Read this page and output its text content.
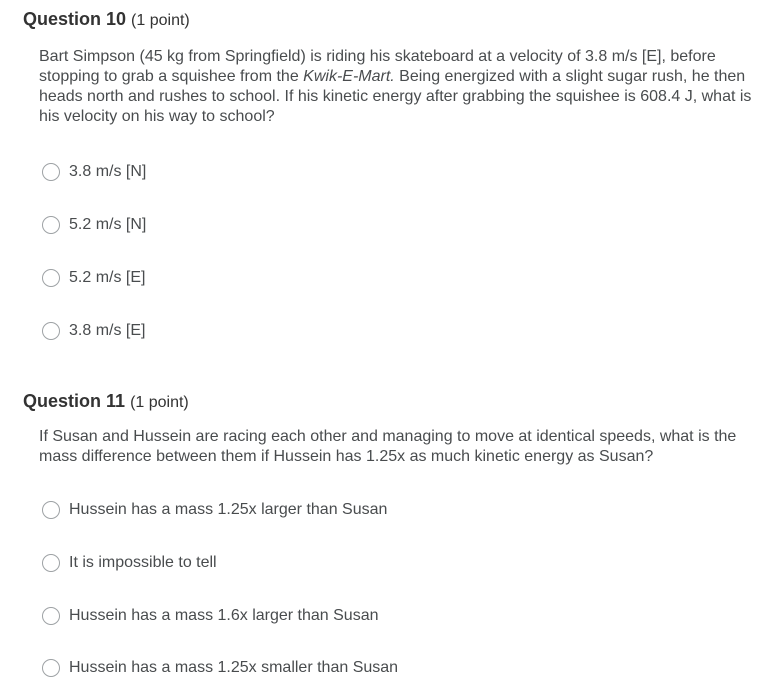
Question 10 (1 point)
Bart Simpson (45 kg from Springfield) is riding his skateboard at a velocity of 3.8 m/s [E], before stopping to grab a squishee from the Kwik-E-Mart. Being energized with a slight sugar rush, he then heads north and rushes to school. If his kinetic energy after grabbing the squishee is 608.4 J, what is his velocity on his way to school?
3.8 m/s [N]
5.2 m/s [N]
5.2 m/s [E]
3.8 m/s [E]
Question 11 (1 point)
If Susan and Hussein are racing each other and managing to move at identical speeds, what is the mass difference between them if Hussein has 1.25x as much kinetic energy as Susan?
Hussein has a mass 1.25x larger than Susan
It is impossible to tell
Hussein has a mass 1.6x larger than Susan
Hussein has a mass 1.25x smaller than Susan
